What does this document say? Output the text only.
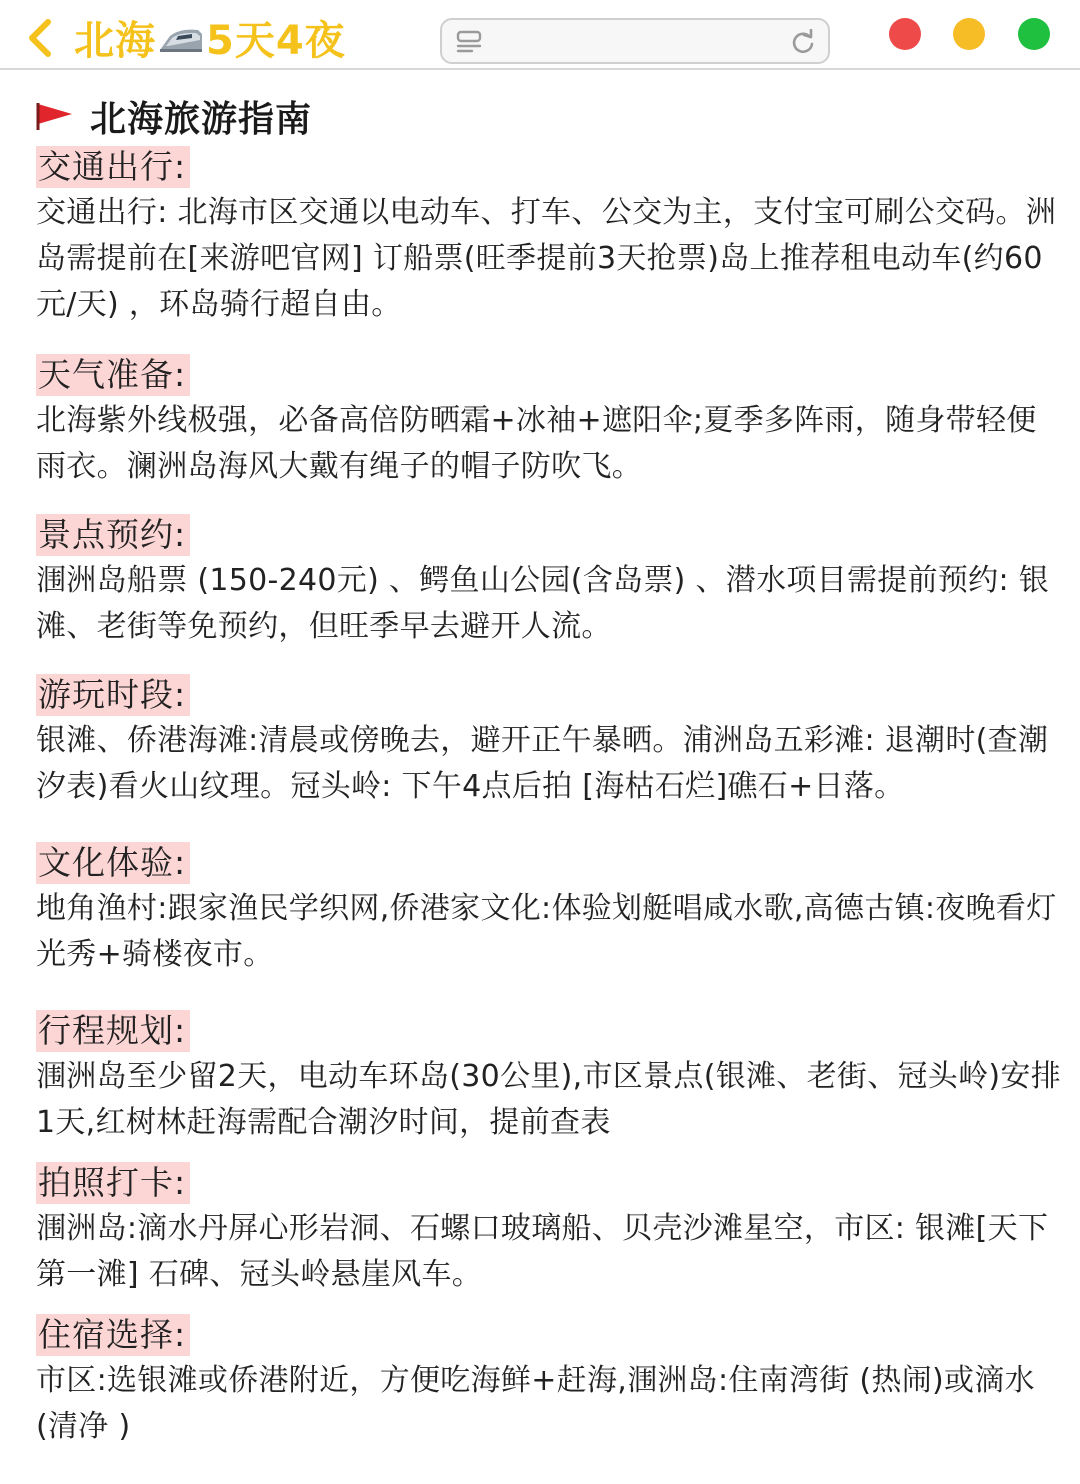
北海 5天4夜
北海旅游指南
交通出行:
交通出行: 北海市区交通以电动车、打车、公交为主，支付宝可刷公交码。洲岛需提前在[来游吧官网] 订船票(旺季提前3天抢票)岛上推荐租电动车(约60元/天) ，环岛骑行超自由。
天气准备:
北海紫外线极强，必备高倍防晒霜+冰袖+遮阳伞;夏季多阵雨，随身带轻便雨衣。澜洲岛海风大戴有绳子的帽子防吹飞。
景点预约:
涠洲岛船票 (150-240元) 、鳄鱼山公园(含岛票) 、潜水项目需提前预约: 银滩、老街等免预约，但旺季早去避开人流。
游玩时段:
银滩、侨港海滩:清晨或傍晚去，避开正午暴晒。浦洲岛五彩滩: 退潮时(查潮汐表)看火山纹理。冠头岭: 下午4点后拍 [海枯石烂]礁石+日落。
文化体验:
地角渔村:跟家渔民学织网,侨港家文化:体验划艇唱咸水歌,高德古镇:夜晚看灯光秀+骑楼夜市。
行程规划:
涠洲岛至少留2天，电动车环岛(30公里),市区景点(银滩、老街、冠头岭)安排1天,红树林赶海需配合潮汐时间，提前查表
拍照打卡:
涠洲岛:滴水丹屏心形岩洞、石螺口玻璃船、贝壳沙滩星空，市区: 银滩[天下第一滩] 石碑、冠头岭悬崖风车。
住宿选择:
市区:选银滩或侨港附近，方便吃海鲜+赶海,涠洲岛:住南湾街 (热闹)或滴水 (清净 )
